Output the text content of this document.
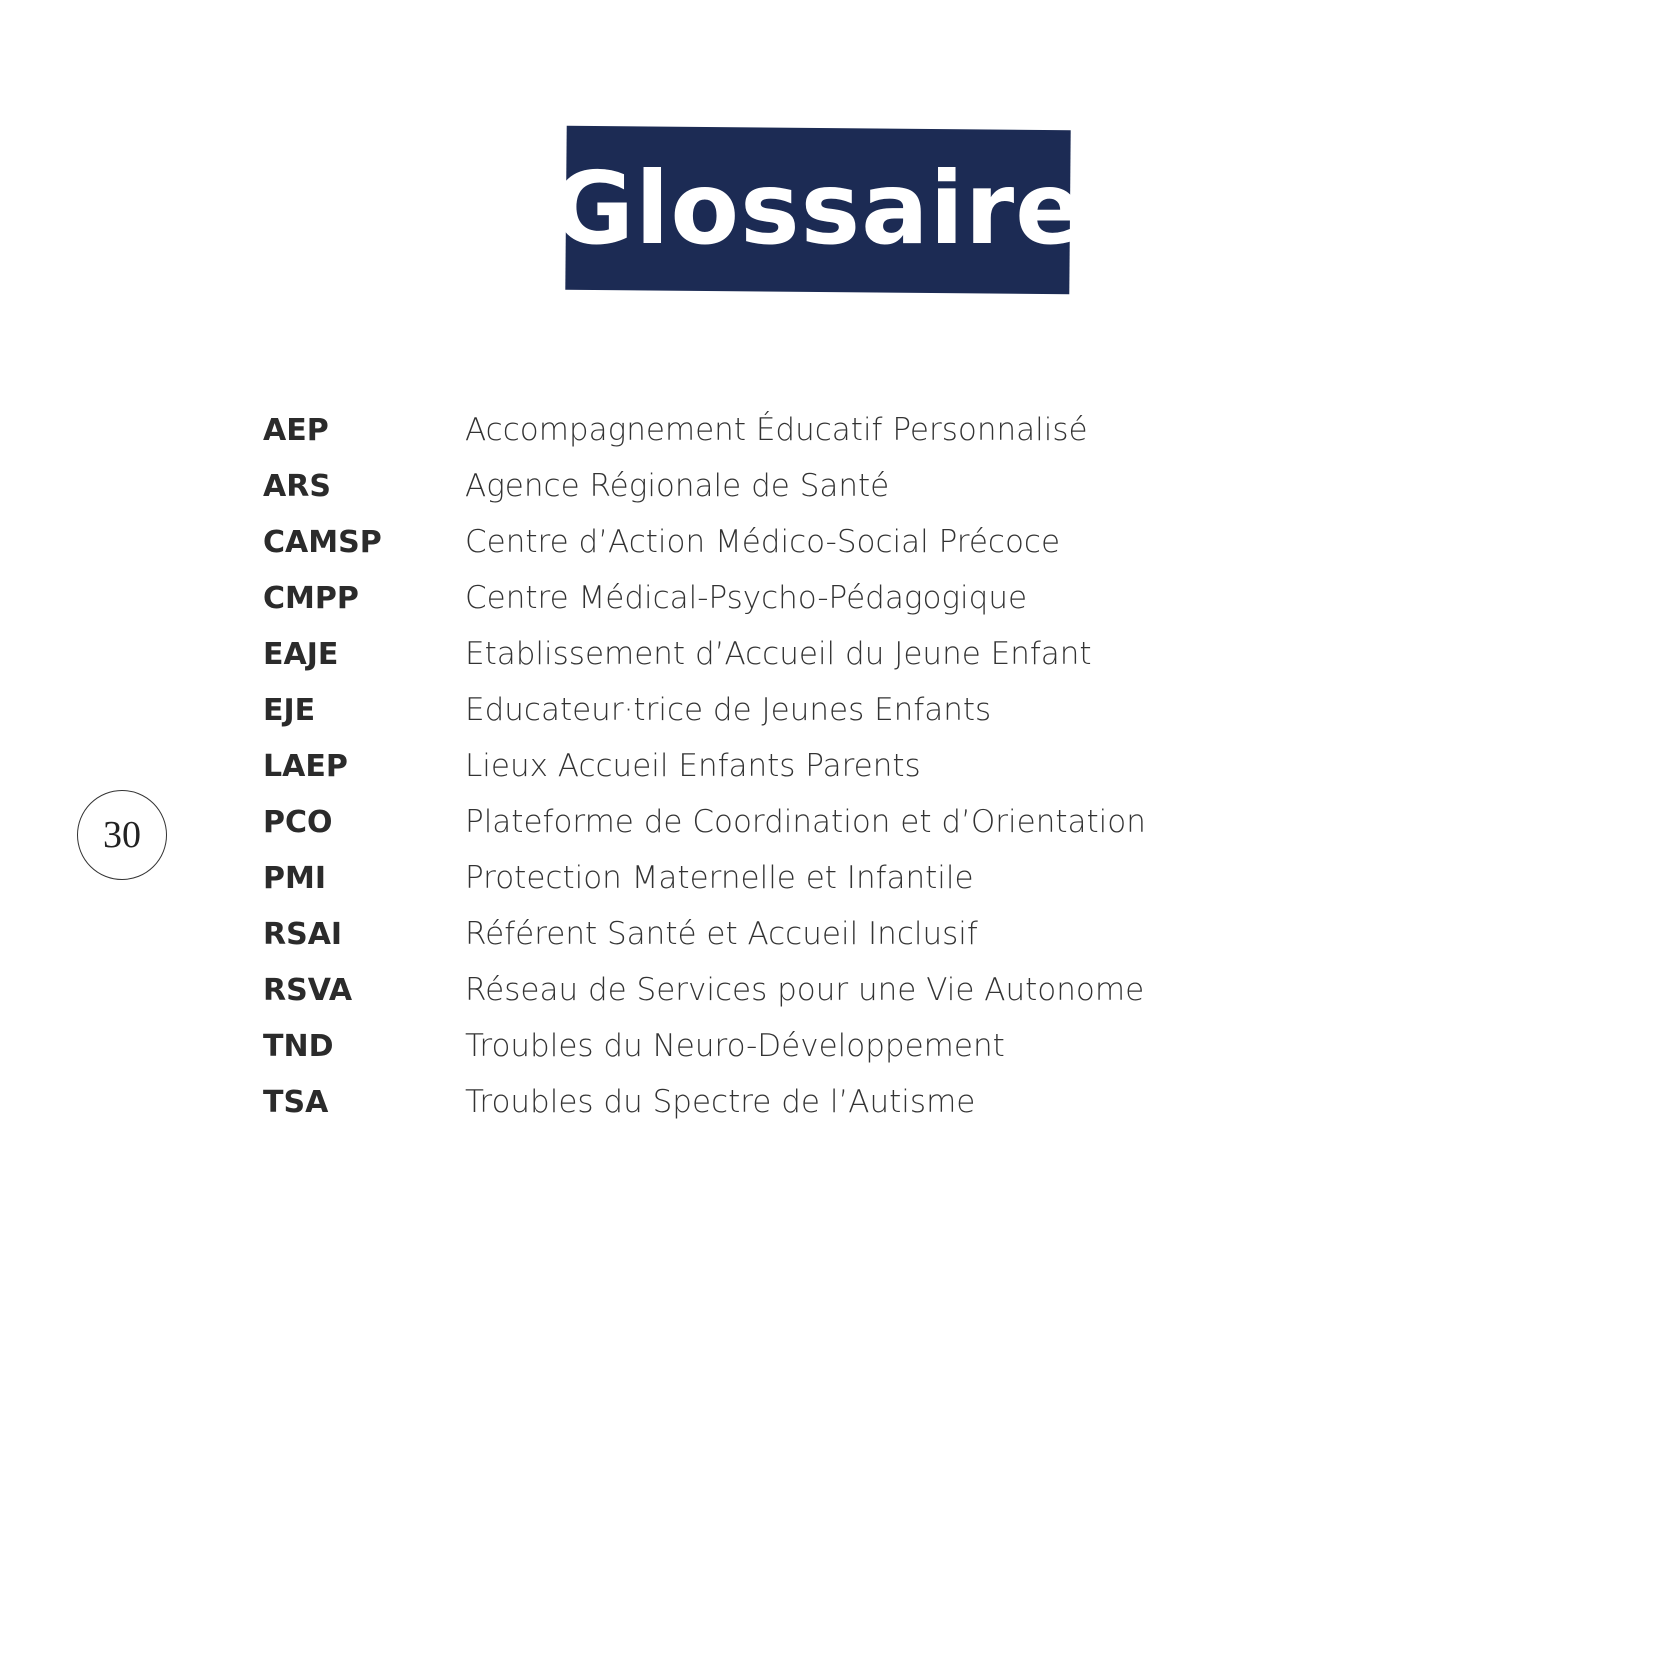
Glossaire
30
AEP	Accompagnement Éducatif Personnalisé
ARS	Agence Régionale de Santé
CAMSP	Centre d’Action Médico-Social Précoce
CMPP	Centre Médical-Psycho-Pédagogique
EAJE	Etablissement d’Accueil du Jeune Enfant
EJE	Educateur·trice de Jeunes Enfants
LAEP	Lieux Accueil Enfants Parents
PCO	Plateforme de Coordination et d’Orientation
PMI	Protection Maternelle et Infantile
RSAI	Référent Santé et Accueil Inclusif
RSVA	Réseau de Services pour une Vie Autonome
TND	Troubles du Neuro-Développement
TSA	Troubles du Spectre de l’Autisme
